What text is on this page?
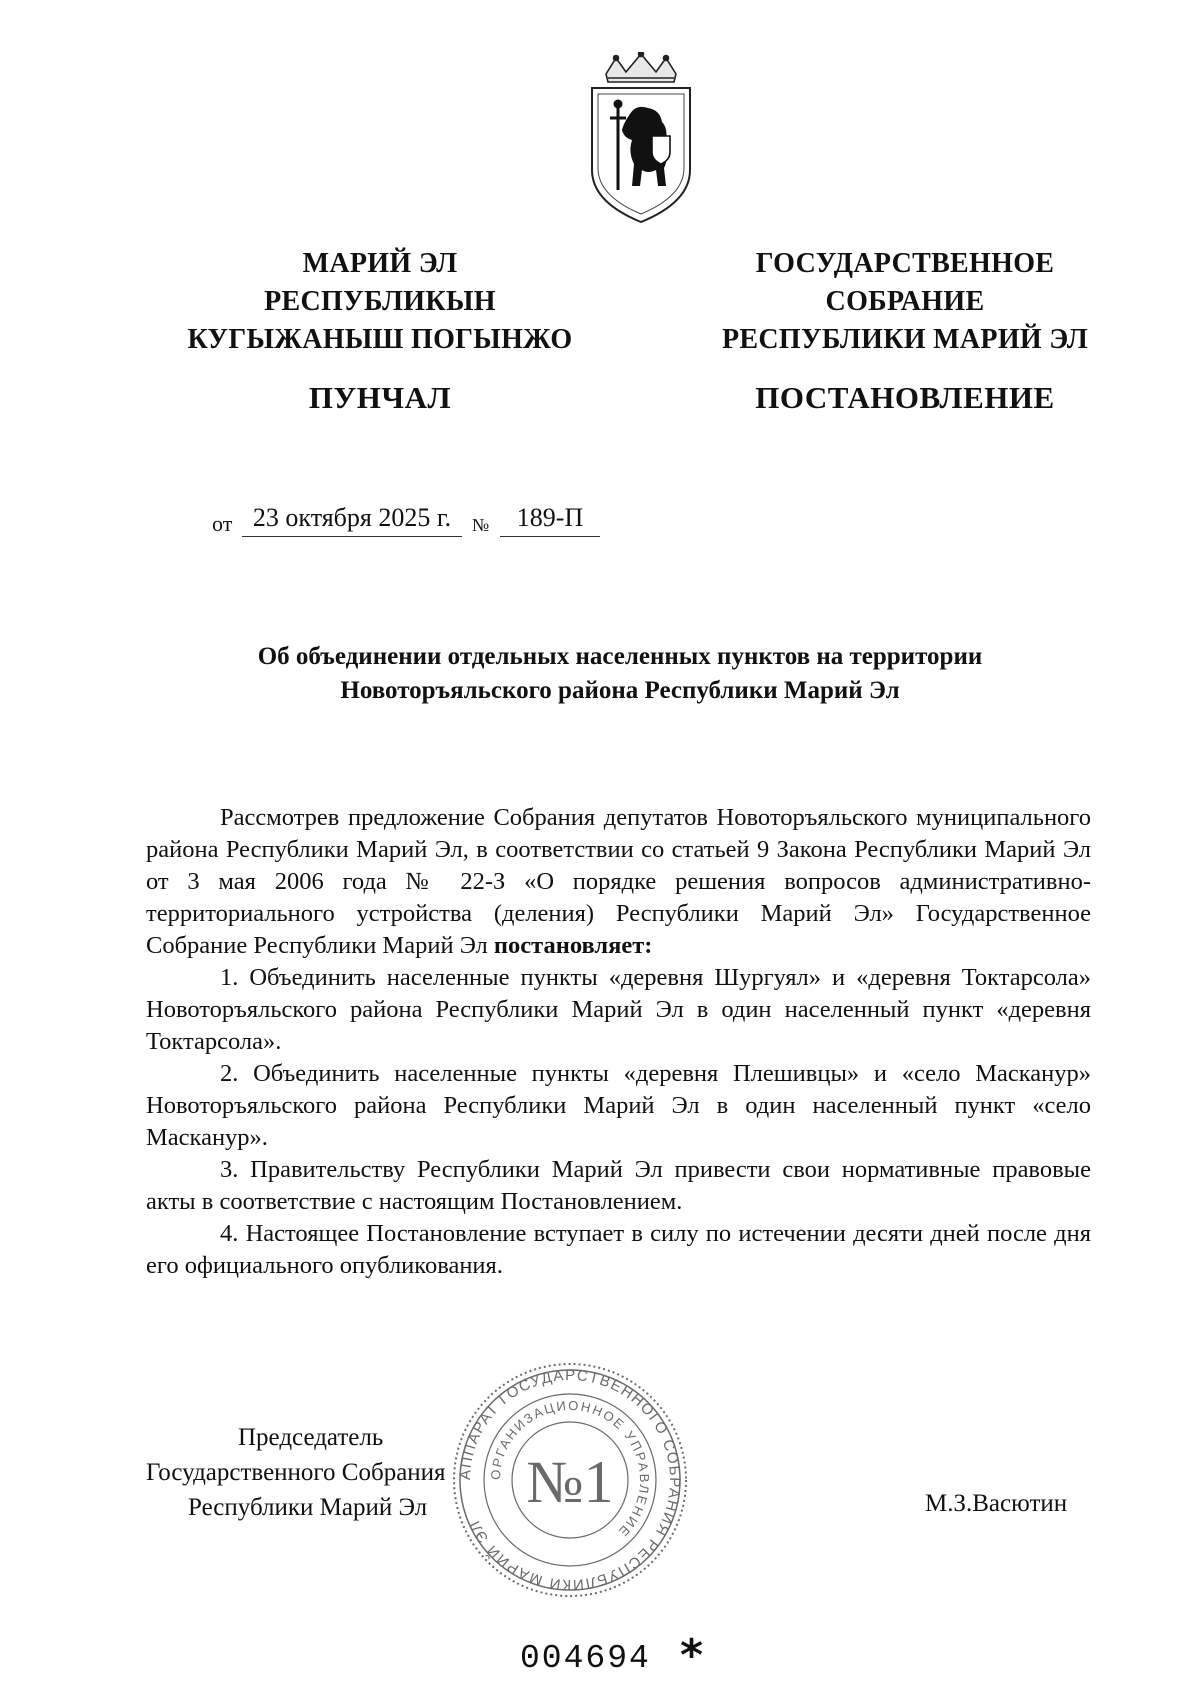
МАРИЙ ЭЛ
РЕСПУБЛИКЫН
КУГЫЖАНЫШ ПОГЫНЖО
ГОСУДАРСТВЕННОЕ
СОБРАНИЕ
РЕСПУБЛИКИ МАРИЙ ЭЛ
ПУНЧАЛ	ПОСТАНОВЛЕНИЕ
от 23 октября 2025 г.	№	189-П
Об объединении отдельных населенных пунктов на территории
Новоторъяльского района Республики Марий Эл

Рассмотрев предложение Собрания депутатов Новоторъяльского муниципального района Республики Марий Эл, в соответствии со статьей 9 Закона Республики Марий Эл от 3 мая 2006 года № 22-З «О порядке решения вопросов административно-территориального устройства (деления) Республики Марий Эл» Государственное Собрание Республики Марий Эл постановляет:

1. Объединить населенные пункты «деревня Шургуял» и «деревня Токтарсола» Новоторъяльского района Республики Марий Эл в один населенный пункт «деревня Токтарсола».

2. Объединить населенные пункты «деревня Плешивцы» и «село Масканур» Новоторъяльского района Республики Марий Эл в один населенный пункт «село Масканур».

3. Правительству Республики Марий Эл привести свои нормативные правовые акты в соответствие с настоящим Постановлением.

4. Настоящее Постановление вступает в силу по истечении десяти дней после дня его официального опубликования.

АППАРАТ ГОСУДАРСТВЕННОГО СОБРАНИЯ РЕСПУБЛИКИ МАРИЙ ЭЛ
ОРГАНИЗАЦИОННОЕ УПРАВЛЕНИЕ
№1
Председатель
Государственного Собрания
Республики Марий Эл	М.З.Васютин
004694 *
